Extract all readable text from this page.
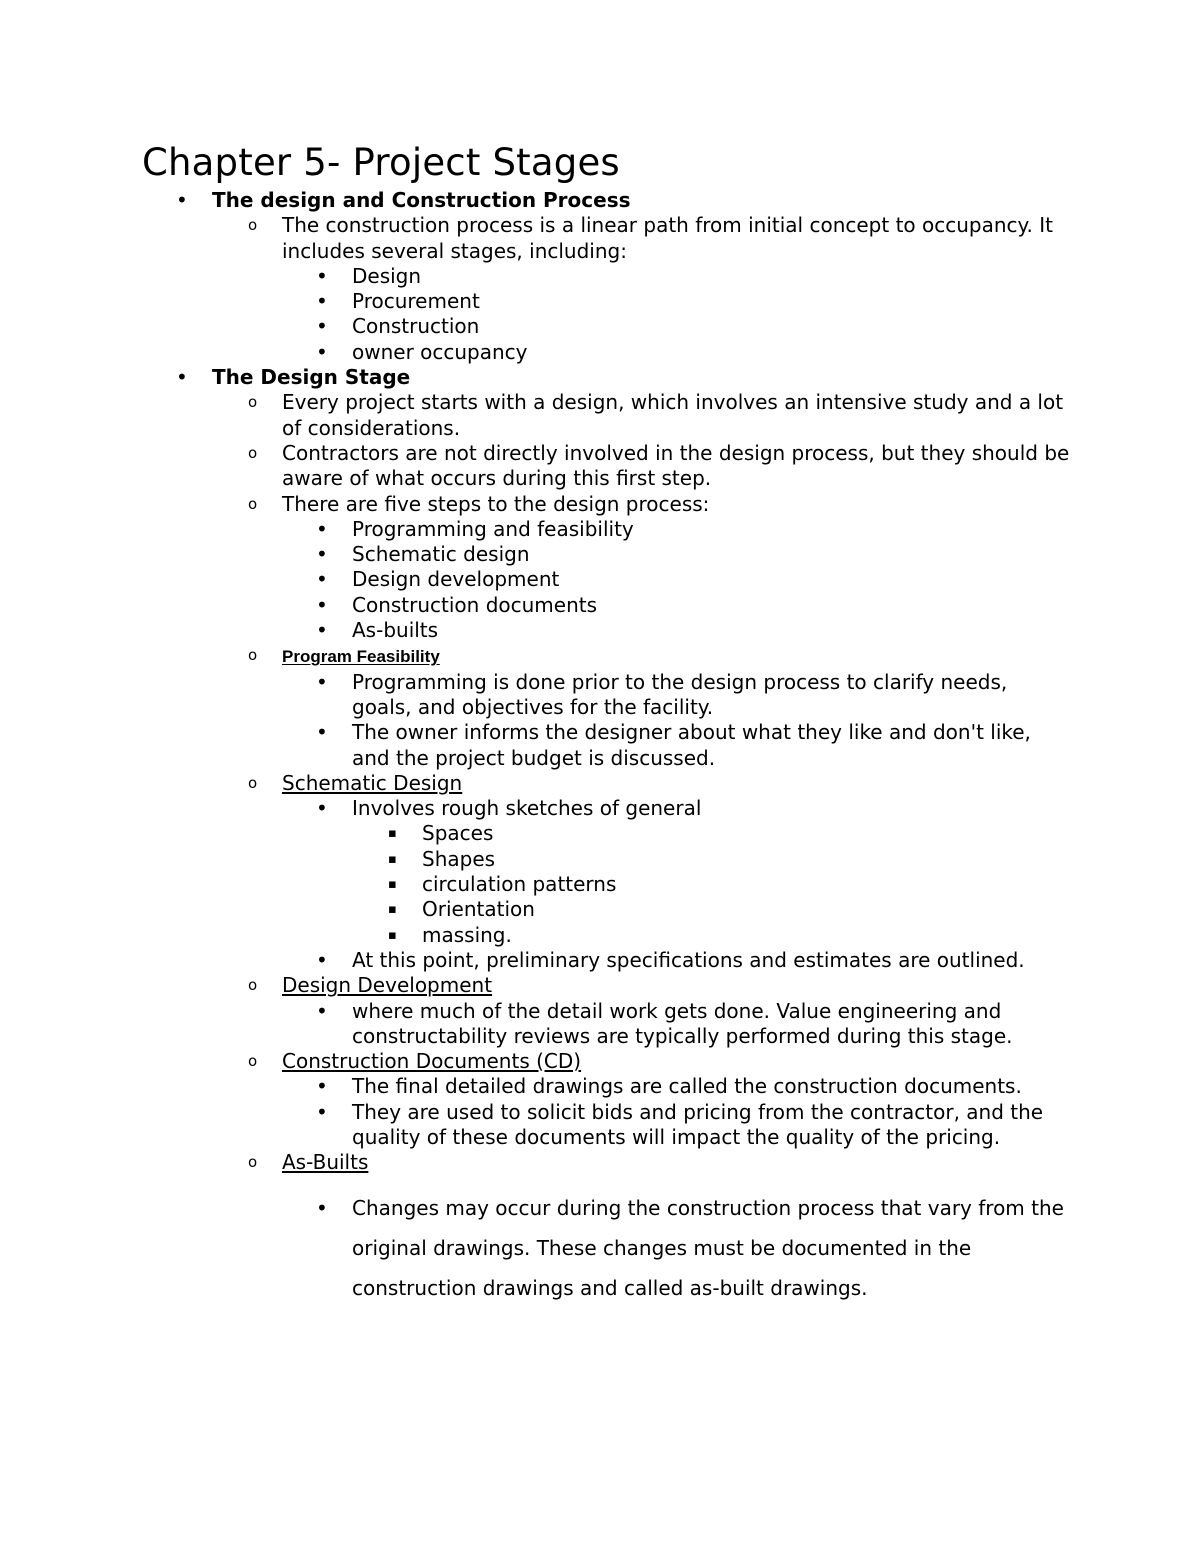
Chapter 5- Project Stages
• The design and Construction Process
o The construction process is a linear path from initial concept to occupancy. It includes several stages, including:
• Design
• Procurement
• Construction
• owner occupancy
• The Design Stage
o Every project starts with a design, which involves an intensive study and a lot of considerations.
o Contractors are not directly involved in the design process, but they should be aware of what occurs during this first step.
o There are five steps to the design process:
• Programming and feasibility
• Schematic design
• Design development
• Construction documents
• As-builts
o Program Feasibility
• Programming is done prior to the design process to clarify needs, goals, and objectives for the facility.
• The owner informs the designer about what they like and don't like, and the project budget is discussed.
o Schematic Design
• Involves rough sketches of general
▪ Spaces
▪ Shapes
▪ circulation patterns
▪ Orientation
▪ massing.
• At this point, preliminary specifications and estimates are outlined.
o Design Development
• where much of the detail work gets done. Value engineering and constructability reviews are typically performed during this stage.
o Construction Documents (CD)
• The final detailed drawings are called the construction documents.
• They are used to solicit bids and pricing from the contractor, and the quality of these documents will impact the quality of the pricing.
o As-Builts
• Changes may occur during the construction process that vary from the original drawings. These changes must be documented in the construction drawings and called as-built drawings.
